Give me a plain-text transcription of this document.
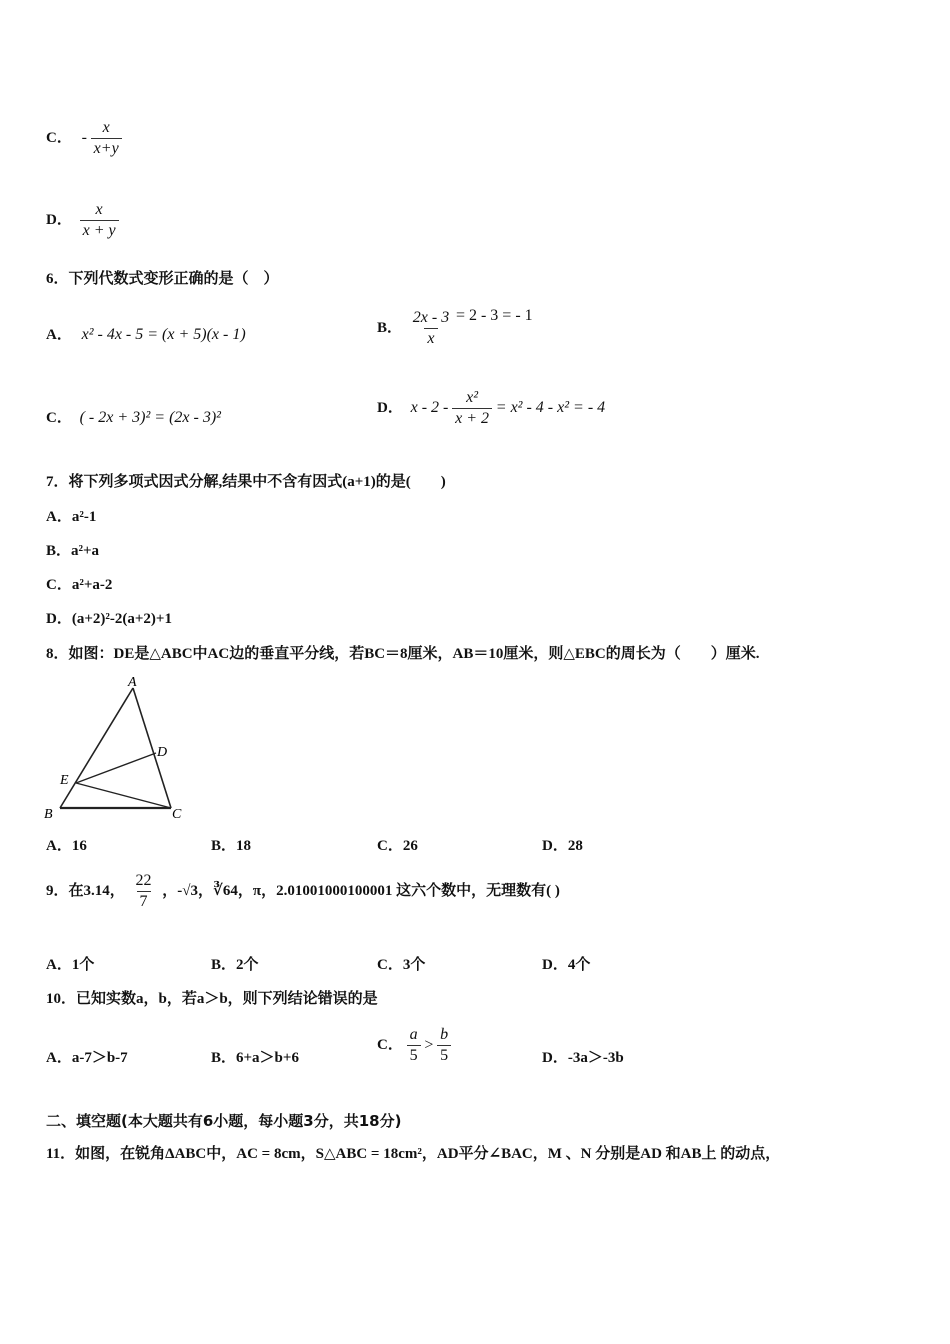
C． - $\frac{x}{x+y}$
D． $\frac{x}{x + y}$
6．下列代数式变形正确的是（　）
A． x² - 4x - 5 = (x + 5)(x - 1)	B． $\frac{2x - 3}{x} = 2 - 3$ = - 1
C． ( - 2x + 3)² = (2x - 3)²
D． $x - 2 - \frac{\text{x²}}{x + 2} = x^2 - 4 - x^2$ = - 4
7．将下列多项式因式分解,结果中不含有因式(a+1)的是(　　)
A．a²-1
B．a²+a
C．a²+a-2
D．(a+2)²-2(a+2)+1
8．如图：DE是△ABC中AC边的垂直平分线，若BC＝8厘米，AB＝10厘米，则△EBC的周长为（　　）厘米.
A
D
E
B	C
A．16	B．18	C．26	D．28
9．在3.14， $\frac{22}{7}$ ，-√3，∛64，π，2.01001000100001 这六个数中，无理数有( )
A．1个	B．2个	C．3个	D．4个
10．已知实数a，b，若a＞b，则下列结论错误的是
A．a-7＞b-7	B．6+a＞b+6
C． $\frac{a}{5} > \frac{b}{5}$	D．-3a＞-3b
二、填空题(本大题共有6小题，每小题3分，共18分)
11．如图，在锐角ΔABC中，AC = 8cm，S△ABC = 18cm²，AD平分∠BAC，M 、N 分别是AD 和AB上 的动点，
